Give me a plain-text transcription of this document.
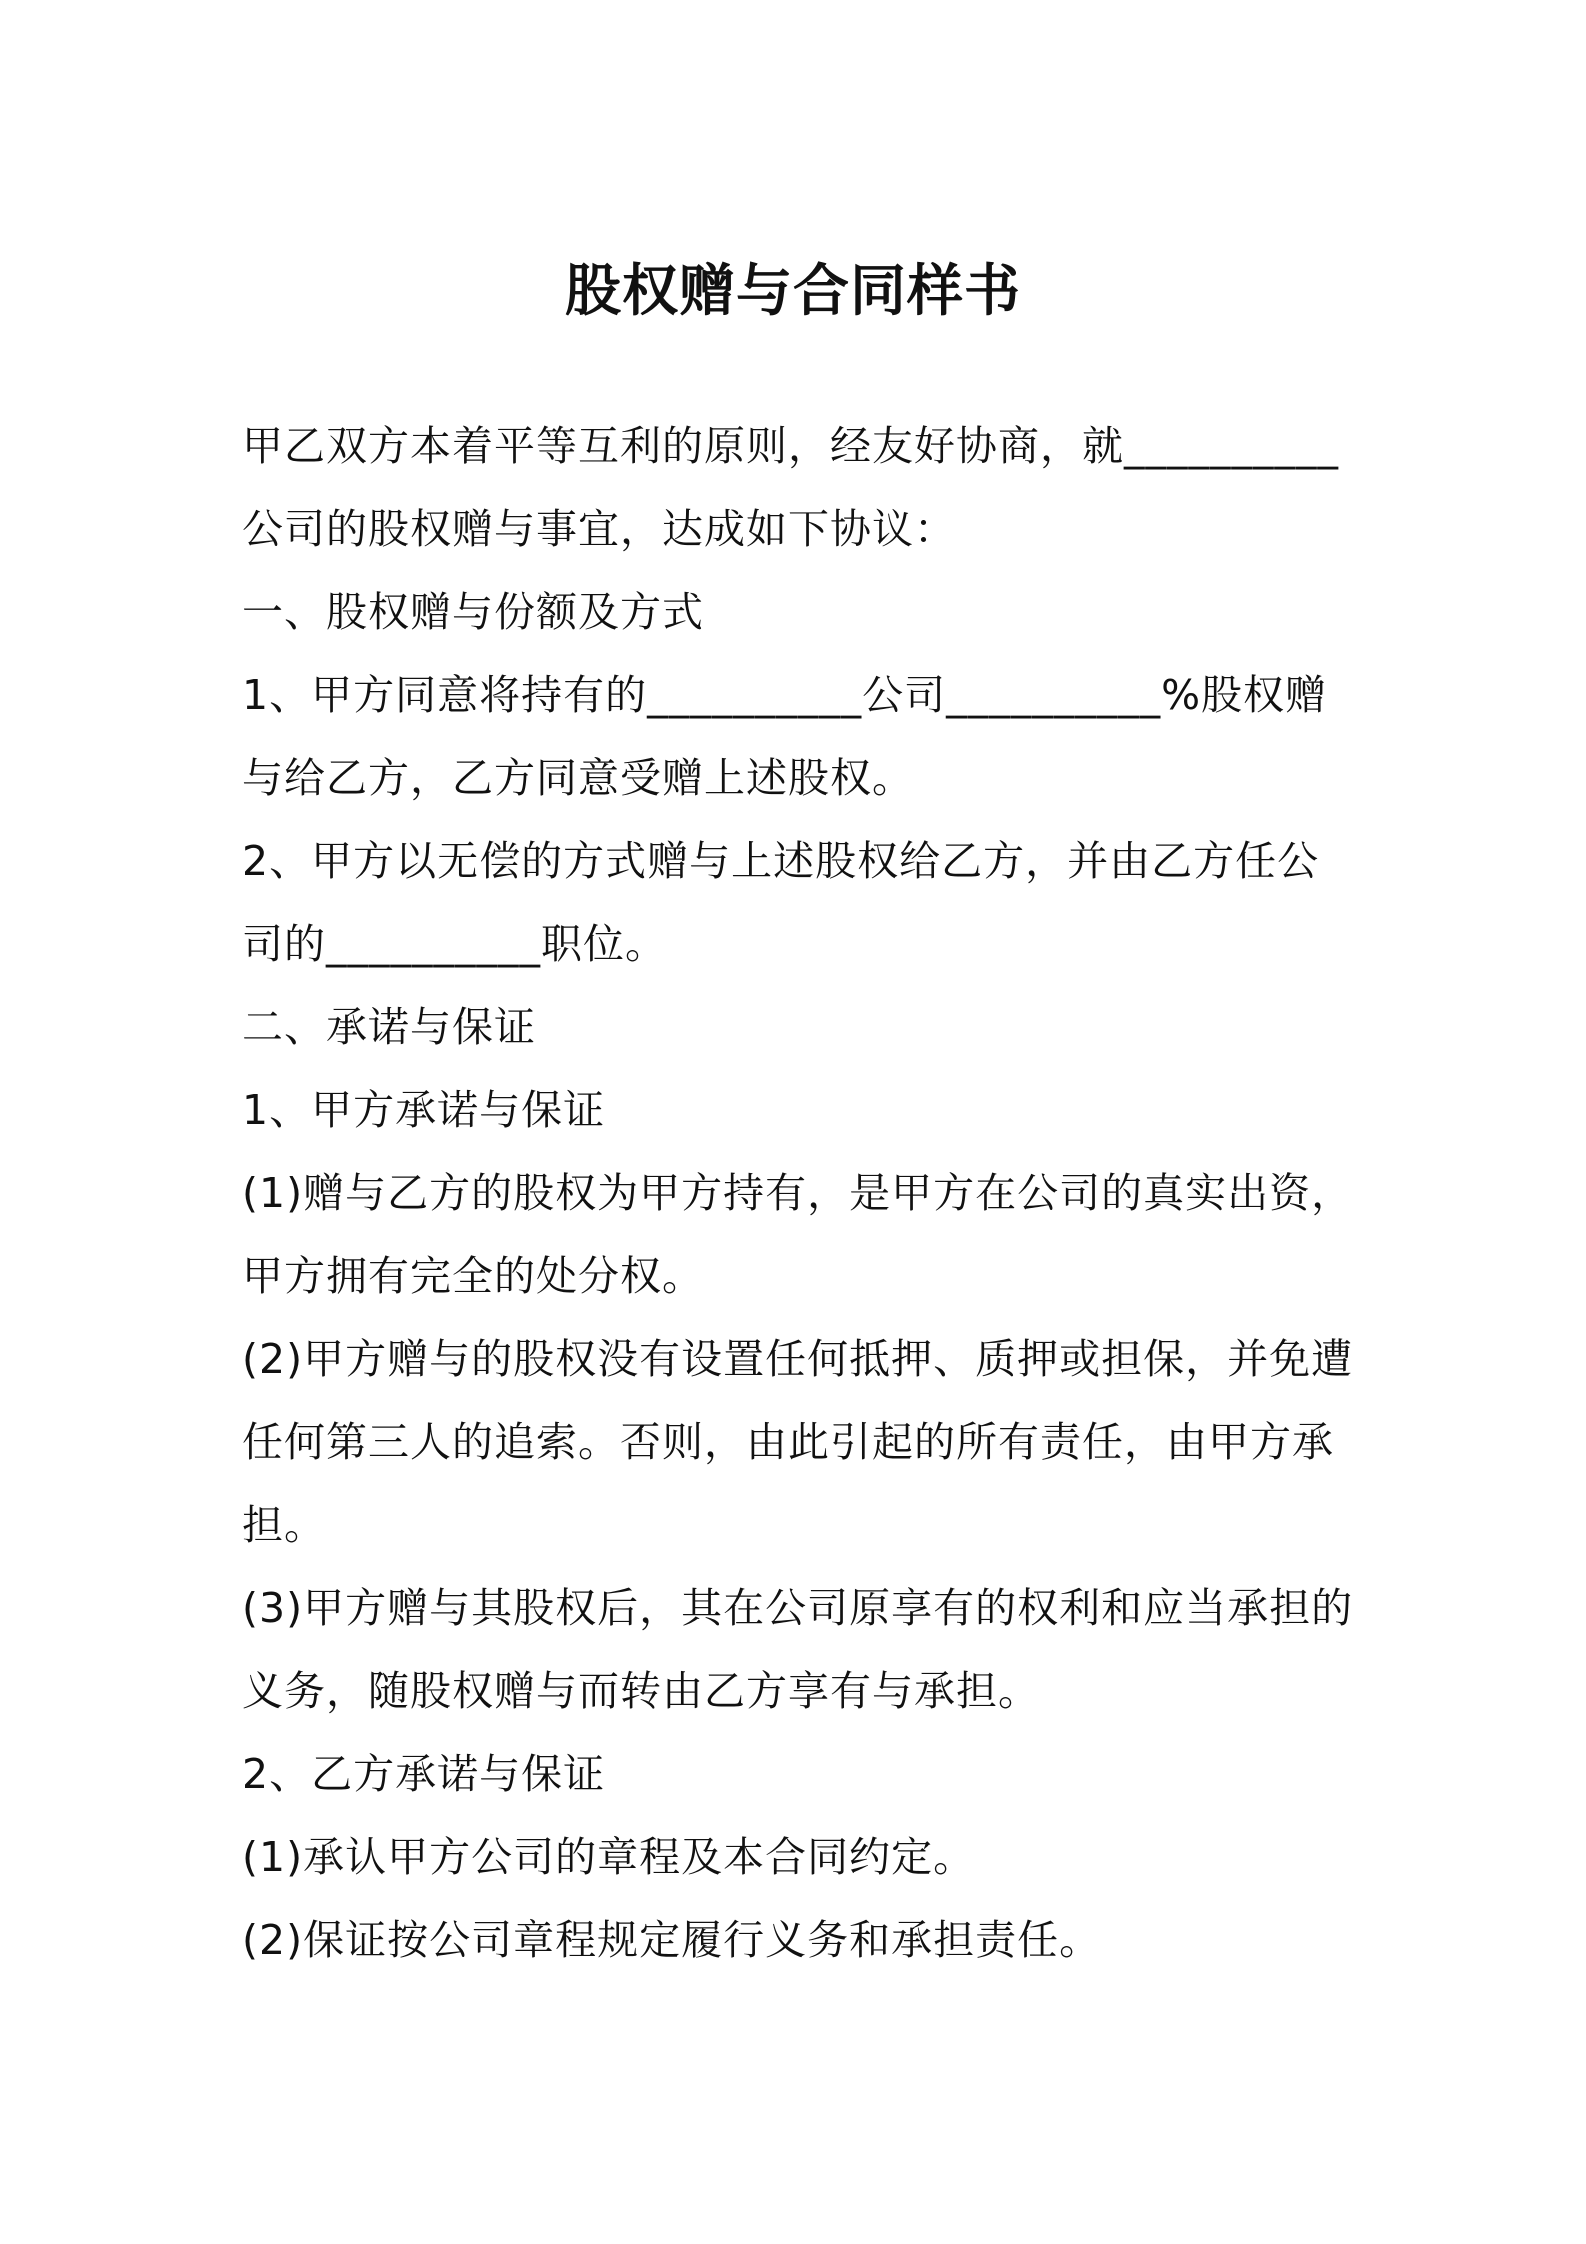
股权赠与合同样书
甲乙双方本着平等互利的原则，经友好协商，就__________
公司的股权赠与事宜，达成如下协议：
一、股权赠与份额及方式
1、甲方同意将持有的__________公司__________%股权赠
与给乙方，乙方同意受赠上述股权。
2、甲方以无偿的方式赠与上述股权给乙方，并由乙方任公
司的__________职位。
二、承诺与保证
1、甲方承诺与保证
(1)赠与乙方的股权为甲方持有，是甲方在公司的真实出资，
甲方拥有完全的处分权。
(2)甲方赠与的股权没有设置任何抵押、质押或担保，并免遭
任何第三人的追索。否则，由此引起的所有责任，由甲方承
担。
(3)甲方赠与其股权后，其在公司原享有的权利和应当承担的
义务，随股权赠与而转由乙方享有与承担。
2、乙方承诺与保证
(1)承认甲方公司的章程及本合同约定。
(2)保证按公司章程规定履行义务和承担责任。
